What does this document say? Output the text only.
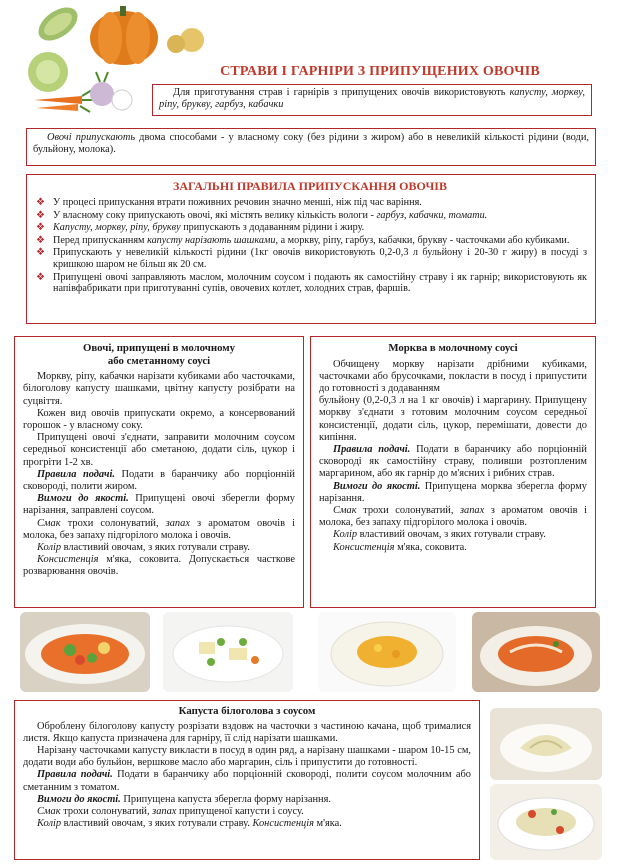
СТРАВИ І ГАРНІРИ З ПРИПУЩЕНИХ ОВОЧІВ

Для приготування страв і гарнірів з припущених овочів використовують капусту, моркву, ріпу, брукву, гарбуз, кабачки

Овочі припускають двома способами - у власному соку (без рідини з жиром) або в невеликій кількості рідини (води, бульйону, молока).

ЗАГАЛЬНІ ПРАВИЛА ПРИПУСКАННЯ ОВОЧІВ
❖ У процесі припускання втрати поживних речовин значно менші, ніж під час варіння.
❖ У власному соку припускають овочі, які містять велику кількість вологи - гарбуз, кабачки, томати.
❖ Капусту, моркву, ріпу, брукву припускають з додаванням рідини і жиру.
❖ Перед припусканням капусту нарізають шашками, а моркву, ріпу, гарбуз, кабачки, брукву - часточками або кубиками.
❖ Припускають у невеликій кількості рідини (1кг овочів використовують 0,2-0,3 л бульйону і 20-30 г жиру) в посуді з кришкою шаром не більш як 20 см.
❖ Припущені овочі заправляють маслом, молочним соусом і подають як самостійну страву і як гарнір; використовують як напівфабрикати при приготуванні супів, овочевих котлет, холодних страв, фаршів.
Овочі, припущені в молочному
або сметанному соусі

Моркву, ріпу, кабачки нарізати кубиками або часточками, білоголову капусту шашками, цвітну капусту розібрати на суцвіття.

Кожен вид овочів припускати окремо, а консервований горошок - у власному соку.

Припущені овочі з'єднати, заправити молочним соусом середньої консистенції або сметаною, додати сіль, цукор і прогріти 1-2 хв.

Правила подачі. Подати в баранчику або порціонній сковороді, полити жиром.

Вимоги до якості. Припущені овочі зберегли форму нарізання, заправлені соусом.

Смак трохи солонуватий, запах з ароматом овочів і молока, без запаху підгорілого молока і овочів.

Колір властивий овочам, з яких готували страву.

Консистенція м'яка, соковита. Допускається часткове розварювання овочів.

Морква в молочному соусі

Обчищену моркву нарізати дрібними кубиками, часточками або брусочками, покласти в посуд і припустити до готовності з додаванням

бульйону (0,2-0,3 л на 1 кг овочів) і маргарину. Припущену моркву з'єднати з готовим молочним соусом середньої консистенції, додати сіль, цукор, перемішати, довести до кипіння.

Правила подачі. Подати в баранчику або порціонній сковороді як самостійну страву, поливши розтопленим маргарином, або як гарнір до м'ясних і рибних страв.

Вимоги до якості. Припущена морква зберегла форму нарізання.

Смак трохи солонуватий, запах з ароматом овочів і молока, без запаху підгорілого молока і овочів.

Колір властивий овочам, з яких готували страву.

Консистенція м'яка, соковита.

Капуста білоголова з соусом

Оброблену білоголову капусту розрізати вздовж на часточки з частиною качана, щоб трималися листя. Якщо капуста призначена для гарніру, її слід нарізати шашками.

Нарізану часточками капусту викласти в посуд в один ряд, а нарізану шашками - шаром 10-15 см, додати води або бульйон, вершкове масло або маргарин, сіль і припустити до готовності.

Правила подачі. Подати в баранчику або порціонній сковороді, полити соусом молочним або сметанним з томатом.

Вимоги до якості. Припущена капуста зберегла форму нарізання.

Смак трохи солонуватий, запах припущеної капусти і соусу.

Колір властивий овочам, з яких готували страву. Консистенція м'яка.
